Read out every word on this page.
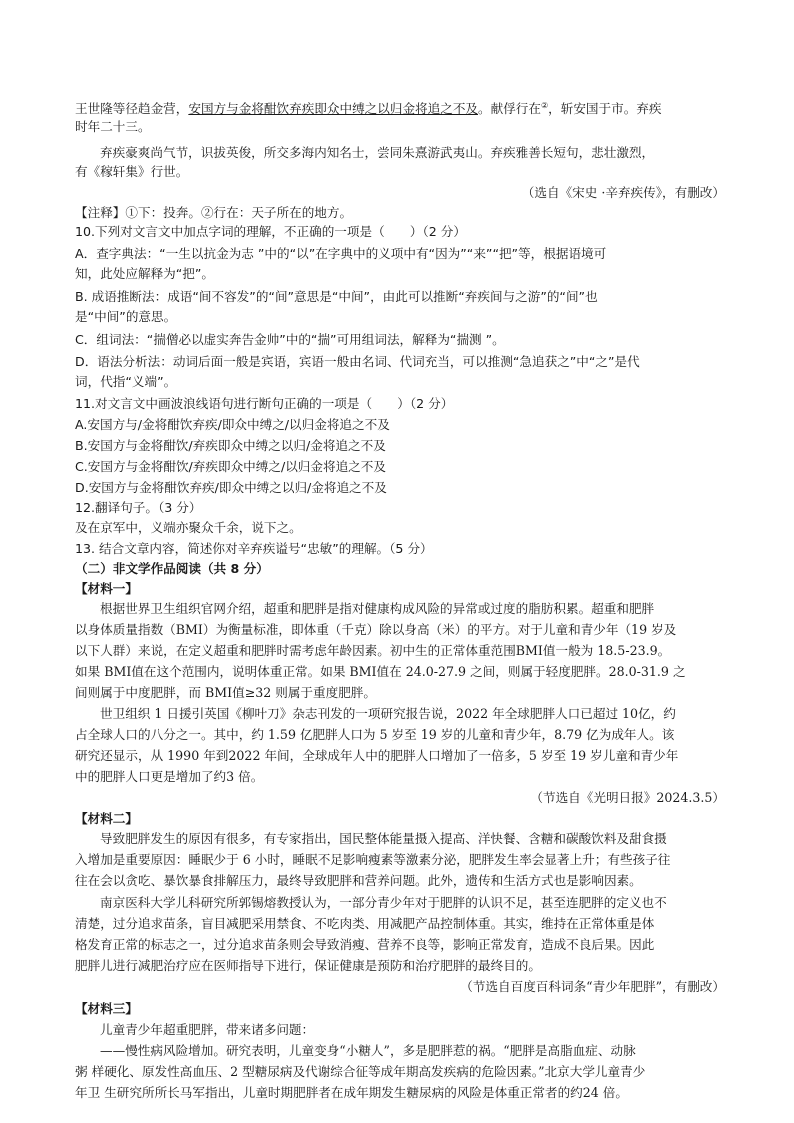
王世隆等径趋金营，安国方与金将酣饮弃疾即众中缚之以归金将追之不及。献俘行在②，斩安国于市。弃疾
时年二十三。
弃疾豪爽尚气节，识拔英俊，所交多海内知名士，尝同朱熹游武夷山。弃疾雅善长短句，悲壮激烈，
有《稼轩集》行世。
（选自《宋史 ·辛弃疾传》，有删改）
【注释】①下：投奔。②行在：天子所在的地方。
10.下列对文言文中加点字词的理解，不正确的一项是（　　）（2 分）
A．查字典法：“一生以抗金为志 ”中的“以”在字典中的义项中有“因为”“来”“把”等，根据语境可
知，此处应解释为“把”。
B. 成语推断法：成语“间不容发”的“间”意思是“中间”，由此可以推断“弃疾间与之游”的“间”也
是“中间”的意思。
C．组词法：“揣僧必以虚实奔告金帅”中的“揣”可用组词法，解释为“揣测 ”。
D．语法分析法：动词后面一般是宾语，宾语一般由名词、代词充当，可以推测“急追获之”中“之”是代
词，代指“义端”。
11.对文言文中画波浪线语句进行断句正确的一项是（　　）（2 分）
A.安国方与/金将酣饮弃疾/即众中缚之/以归金将追之不及
B.安国方与金将酣饮/弃疾即众中缚之以归/金将追之不及
C.安国方与金将酣饮/弃疾即众中缚之/以归金将追之不及
D.安国方与金将酣饮弃疾/即众中缚之以归/金将追之不及
12.翻译句子。（3 分）
及在京军中，义端亦聚众千余，说下之。
13. 结合文章内容，简述你对辛弃疾谥号“忠敏”的理解。（5 分）
（二）非文学作品阅读（共 8 分）
【材料一】
根据世界卫生组织官网介绍，超重和肥胖是指对健康构成风险的异常或过度的脂肪积累。超重和肥胖
以身体质量指数（BMI）为衡量标准，即体重（千克）除以身高（米）的平方。对于儿童和青少年（19 岁及
以下人群）来说，在定义超重和肥胖时需考虑年龄因素。初中生的正常体重范围BMI值一般为 18.5-23.9。
如果 BMI值在这个范围内，说明体重正常。如果 BMI值在 24.0-27.9 之间，则属于轻度肥胖。28.0-31.9 之
间则属于中度肥胖，而 BMI值≥32 则属于重度肥胖。
世卫组织 1 日援引英国《柳叶刀》杂志刊发的一项研究报告说，2022 年全球肥胖人口已超过 10亿，约
占全球人口的八分之一。其中，约 1.59 亿肥胖人口为 5 岁至 19 岁的儿童和青少年，8.79 亿为成年人。该
研究还显示，从 1990 年到2022 年间，全球成年人中的肥胖人口增加了一倍多，5 岁至 19 岁儿童和青少年
中的肥胖人口更是增加了约3 倍。
（节选自《光明日报》2024.3.5）
【材料二】
导致肥胖发生的原因有很多，有专家指出，国民整体能量摄入提高、洋快餐、含糖和碳酸饮料及甜食摄
入增加是重要原因：睡眠少于 6 小时，睡眠不足影响瘦素等激素分泌，肥胖发生率会显著上升；有些孩子往
往在会以贪吃、暴饮暴食排解压力，最终导致肥胖和营养问题。此外，遗传和生活方式也是影响因素。
南京医科大学儿科研究所郭锡熔教授认为，一部分青少年对于肥胖的认识不足，甚至连肥胖的定义也不
清楚，过分追求苗条，盲目减肥采用禁食、不吃肉类、用减肥产品控制体重。其实，维持在正常体重是体
格发育正常的标志之一，过分追求苗条则会导致消瘦、营养不良等，影响正常发育，造成不良后果。因此
肥胖儿进行减肥治疗应在医师指导下进行，保证健康是预防和治疗肥胖的最终目的。
（节选自百度百科词条“青少年肥胖”，有删改）
【材料三】
儿童青少年超重肥胖，带来诸多问题：
——慢性病风险增加。研究表明，儿童变身“小糖人”，多是肥胖惹的祸。“肥胖是高脂血症、动脉
粥 样硬化、原发性高血压、2 型糖尿病及代谢综合征等成年期高发疾病的危险因素。”北京大学儿童青少
年卫 生研究所所长马军指出，儿童时期肥胖者在成年期发生糖尿病的风险是体重正常者的约24 倍。
